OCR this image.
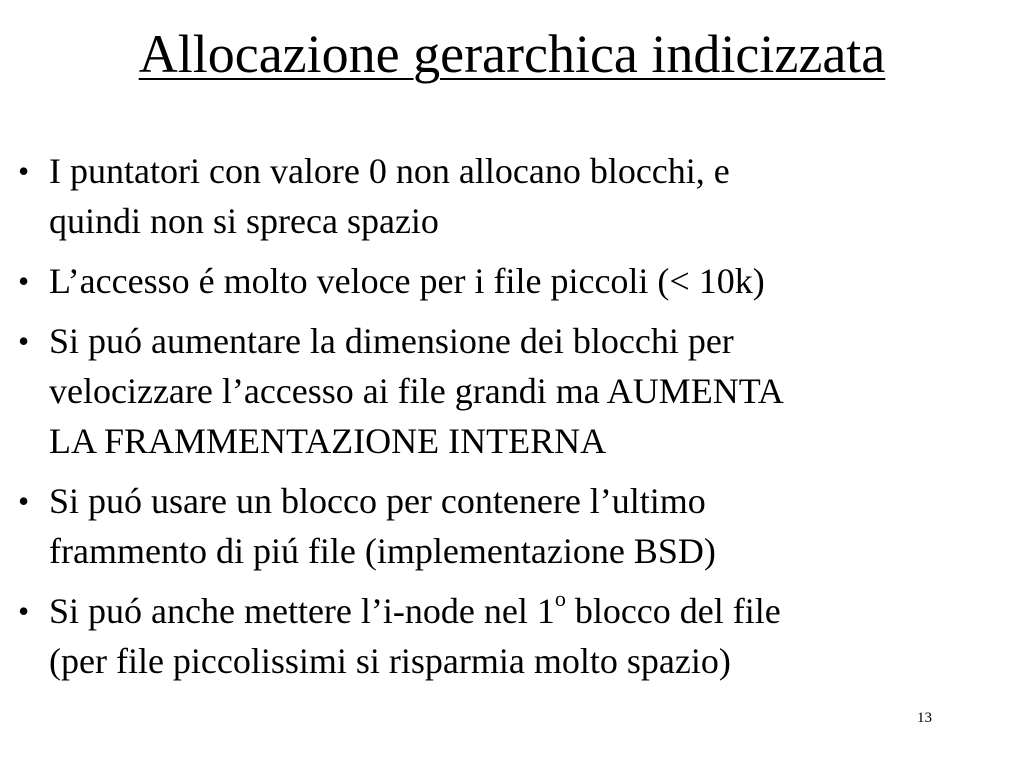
Allocazione gerarchica indicizzata
• I puntatori con valore 0 non allocano blocchi, e
quindi non si spreca spazio
• L’accesso é molto veloce per i file piccoli (< 10k)
• Si puó aumentare la dimensione dei blocchi per
velocizzare l’accesso ai file grandi ma AUMENTA
LA FRAMMENTAZIONE INTERNA
• Si puó usare un blocco per contenere l’ultimo
frammento di piú file (implementazione BSD)
• Si puó anche mettere l’i-node nel 1$^o$ blocco del file
(per file piccolissimi si risparmia molto spazio)
13
